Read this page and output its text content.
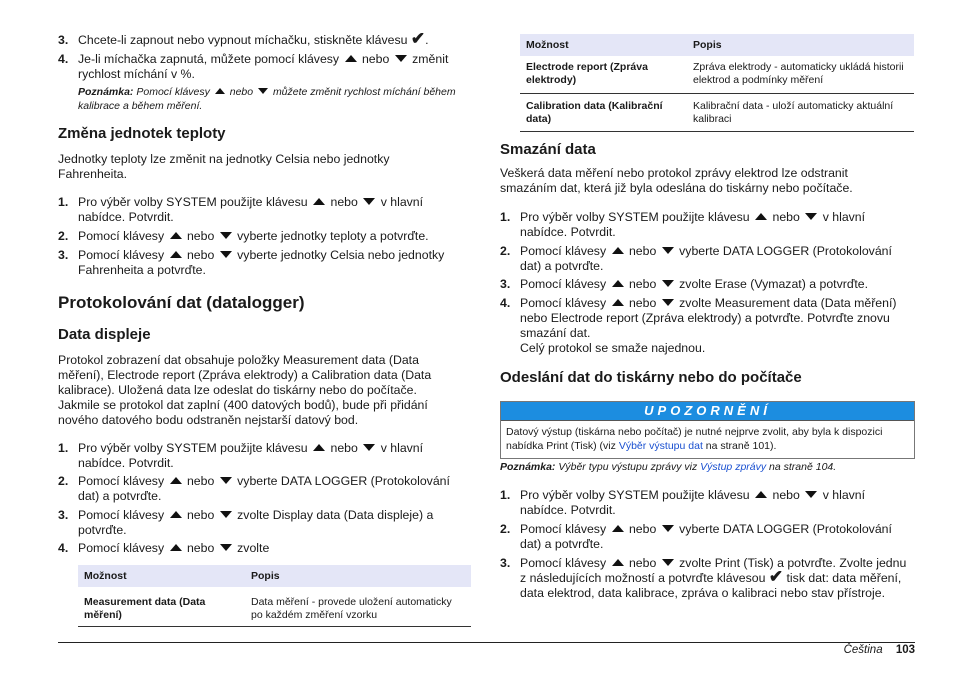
3. Chcete-li zapnout nebo vypnout míchačku, stiskněte klávesu ✔.
4. Je-li míchačka zapnutá, můžete pomocí klávesy nebo změnit rychlost míchání v %.
Poznámka: Pomocí klávesy nebo můžete změnit rychlost míchání během kalibrace a během měření.
Změna jednotek teploty
Jednotky teploty lze změnit na jednotky Celsia nebo jednotky Fahrenheita.
1. Pro výběr volby SYSTEM použijte klávesu nebo v hlavní nabídce. Potvrdit.
2. Pomocí klávesy nebo vyberte jednotky teploty a potvrďte.
3. Pomocí klávesy nebo vyberte jednotky Celsia nebo jednotky Fahrenheita a potvrďte.
Protokolování dat (datalogger)
Data displeje
Protokol zobrazení dat obsahuje položky Measurement data (Data měření), Electrode report (Zpráva elektrody) a Calibration data (Data kalibrace). Uložená data lze odeslat do tiskárny nebo do počítače. Jakmile se protokol dat zaplní (400 datových bodů), bude při přidání nového datového bodu odstraněn nejstarší datový bod.
1. Pro výběr volby SYSTEM použijte klávesu nebo v hlavní nabídce. Potvrdit.
2. Pomocí klávesy nebo vyberte DATA LOGGER (Protokolování dat) a potvrďte.
3. Pomocí klávesy nebo zvolte Display data (Data displeje) a potvrďte.
4. Pomocí klávesy nebo zvolte
Možnost	Popis
Measurement data (Data měření)	Data měření - provede uložení automaticky po každém změření vzorku
Možnost	Popis
Electrode report (Zpráva elektrody)	Zpráva elektrody - automaticky ukládá historii elektrod a podmínky měření
Calibration data (Kalibrační data)	Kalibrační data - uloží automaticky aktuální kalibraci
Smazání data
Veškerá data měření nebo protokol zprávy elektrod lze odstranit smazáním dat, která již byla odeslána do tiskárny nebo počítače.
1. Pro výběr volby SYSTEM použijte klávesu nebo v hlavní nabídce. Potvrdit.
2. Pomocí klávesy nebo vyberte DATA LOGGER (Protokolování dat) a potvrďte.
3. Pomocí klávesy nebo zvolte Erase (Vymazat) a potvrďte.
4. Pomocí klávesy nebo zvolte Measurement data (Data měření) nebo Electrode report (Zpráva elektrody) a potvrďte. Potvrďte znovu smazání dat.
Celý protokol se smaže najednou.
Odeslání dat do tiskárny nebo do počítače
UPOZORNĚNÍ
Datový výstup (tiskárna nebo počítač) je nutné nejprve zvolit, aby byla k dispozici nabídka Print (Tisk) (viz Výběr výstupu dat na straně 101).
Poznámka: Výběr typu výstupu zprávy viz Výstup zprávy na straně 104.
1. Pro výběr volby SYSTEM použijte klávesu nebo v hlavní nabídce. Potvrdit.
2. Pomocí klávesy nebo vyberte DATA LOGGER (Protokolování dat) a potvrďte.
3. Pomocí klávesy nebo zvolte Print (Tisk) a potvrďte. Zvolte jednu z následujících možností a potvrďte klávesou ✔ tisk dat: data měření, data elektrod, data kalibrace, zpráva o kalibraci nebo stav přístroje.
Čeština 103
